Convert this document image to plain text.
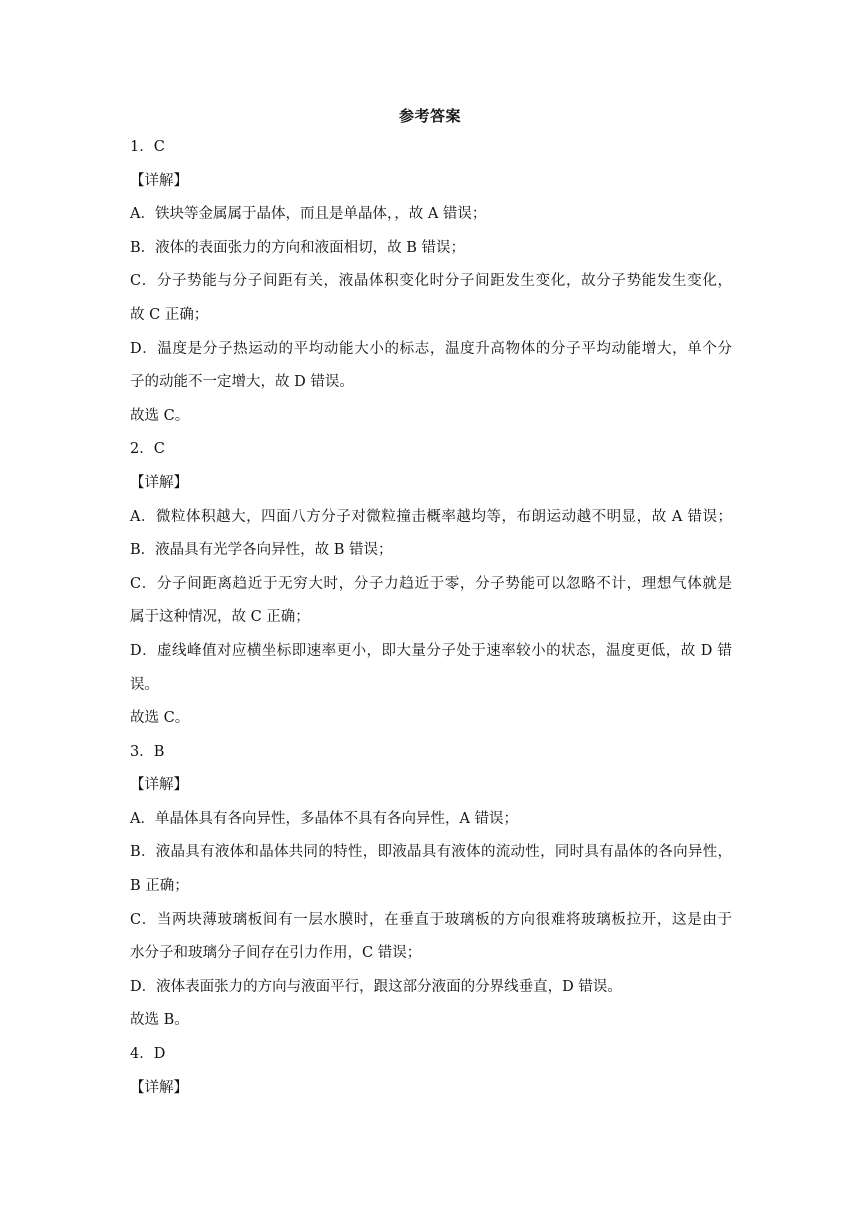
参考答案
1．C
【详解】
A．铁块等金属属于晶体，而且是单晶体，，故 A 错误；
B．液体的表面张力的方向和液面相切，故 B 错误；
C．分子势能与分子间距有关，液晶体积变化时分子间距发生变化，故分子势能发生变化，
故 C 正确；
D．温度是分子热运动的平均动能大小的标志，温度升高物体的分子平均动能增大，单个分
子的动能不一定增大，故 D 错误。
故选 C。
2．C
【详解】
A．微粒体积越大，四面八方分子对微粒撞击概率越均等，布朗运动越不明显，故 A 错误；
B．液晶具有光学各向异性，故 B 错误；
C．分子间距离趋近于无穷大时，分子力趋近于零，分子势能可以忽略不计，理想气体就是
属于这种情况，故 C 正确；
D．虚线峰值对应横坐标即速率更小，即大量分子处于速率较小的状态，温度更低，故 D 错
误。
故选 C。
3．B
【详解】
A．单晶体具有各向异性，多晶体不具有各向异性，A 错误；
B．液晶具有液体和晶体共同的特性，即液晶具有液体的流动性，同时具有晶体的各向异性，
B 正确；
C．当两块薄玻璃板间有一层水膜时，在垂直于玻璃板的方向很难将玻璃板拉开，这是由于
水分子和玻璃分子间存在引力作用，C 错误；
D．液体表面张力的方向与液面平行，跟这部分液面的分界线垂直，D 错误。
故选 B。
4．D
【详解】
